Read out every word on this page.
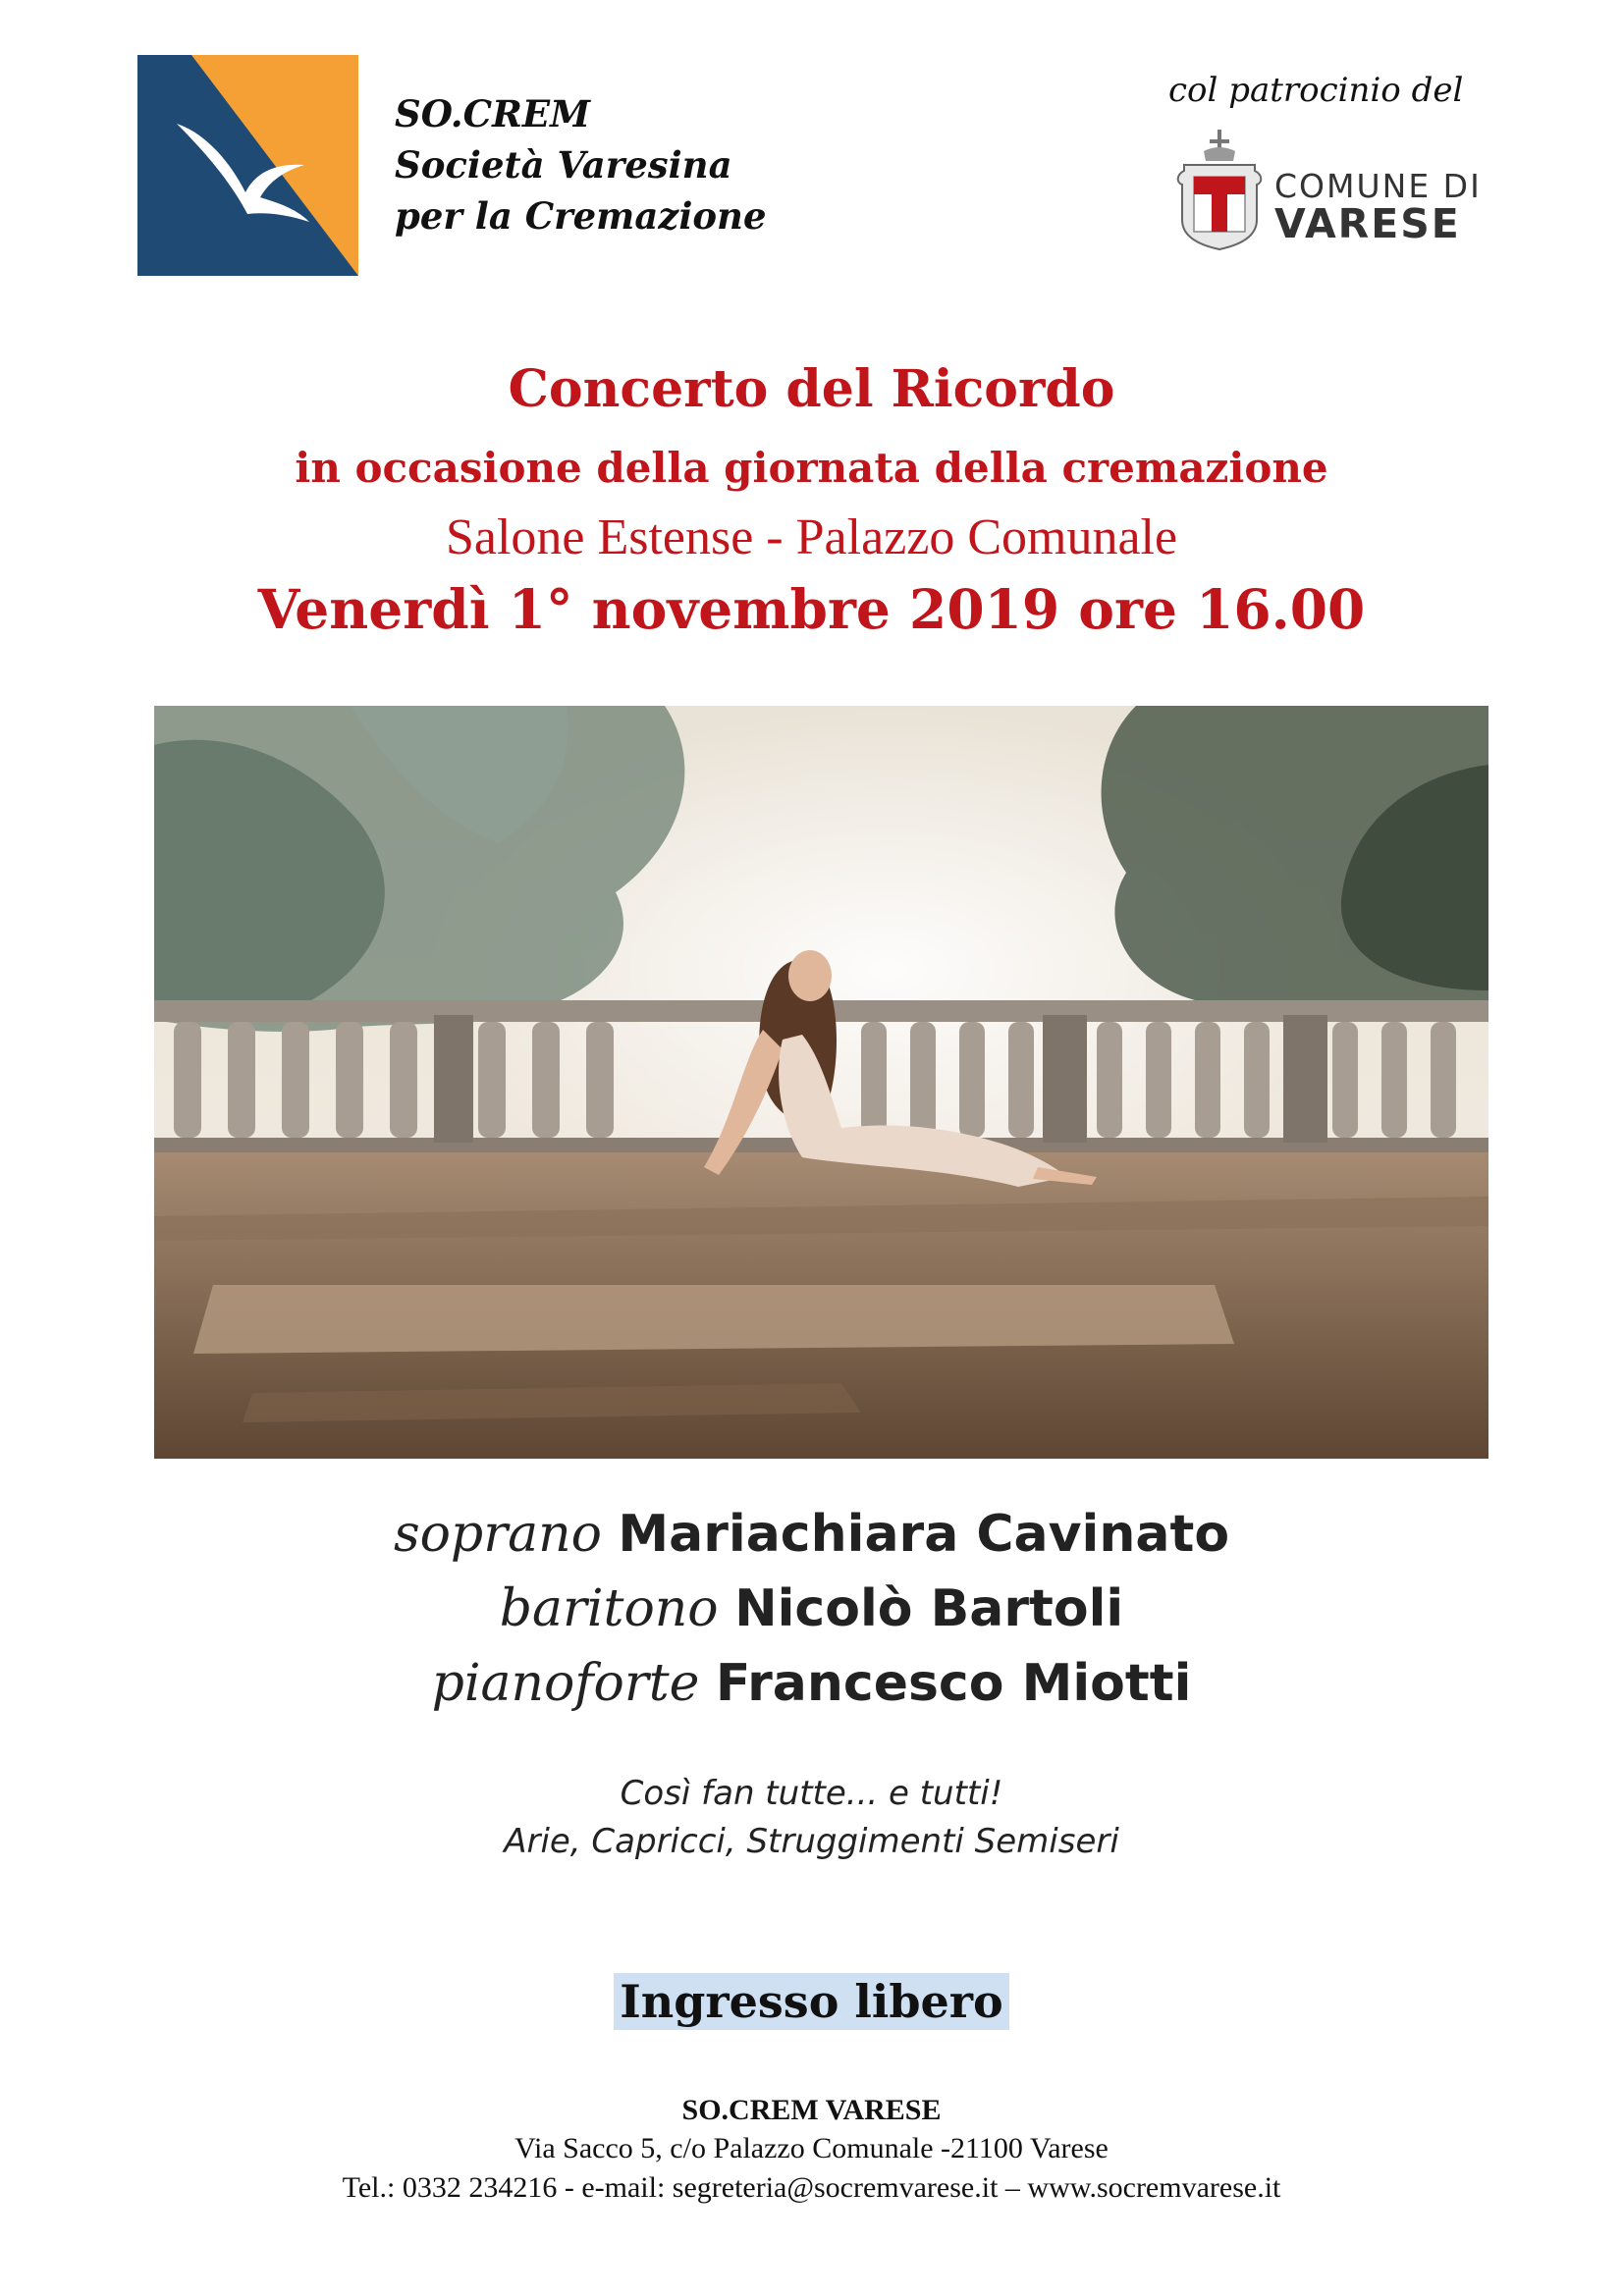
SO.CREM
Società Varesina
per la Cremazione
col patrocinio del
COMUNE DI
VARESE
Concerto del Ricordo
in occasione della giornata della cremazione
Salone Estense - Palazzo Comunale
Venerdì 1° novembre 2019 ore 16.00
soprano Mariachiara Cavinato
baritono Nicolò Bartoli
pianoforte Francesco Miotti
Così fan tutte... e tutti!
Arie, Capricci, Struggimenti Semiseri
Ingresso libero
SO.CREM VARESE
Via Sacco 5, c/o Palazzo Comunale -21100 Varese
Tel.: 0332 234216 - e-mail: segreteria@socremvarese.it – www.socremvarese.it
